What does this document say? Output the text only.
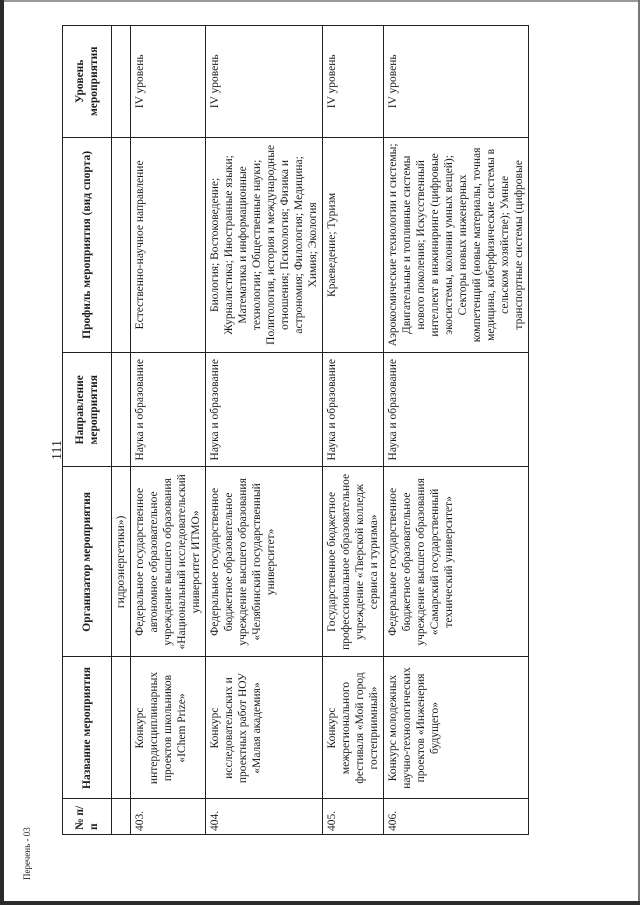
111
Перечень - 03
№ п/п	Название мероприятия	Организатор мероприятия	Направление мероприятия	Профиль мероприятия (вид спорта)	Уровень мероприятия
		гидроэнергетики»)			
403.	Конкурс интердисциплинарных проектов школьников «IChem Prize»	Федеральное государственное автономное образовательное учреждение высшего образования «Национальный исследовательский университет ИТМО»	Наука и образование	Естественно-научное направление	IV уровень
404.	Конкурс исследовательских и проектных работ НОУ «Малая академия»	Федеральное государственное бюджетное образовательное учреждение высшего образования «Челябинский государственный университет»	Наука и образование	Биология; Востоковедение; Журналистика; Иностранные языки; Математика и информационные технологии; Общественные науки; Политология, история и международные отношения; Психология; Физика и астрономия; Филология; Медицина; Химия; Экология	IV уровень
405.	Конкурс межрегионального фестиваля «Мой город гостеприимный»	Государственное бюджетное профессиональное образовательное учреждение «Тверской колледж сервиса и туризма»	Наука и образование	Краеведение; Туризм	IV уровень
406.	Конкурс молодежных научно-технологических проектов «Инженерия будущего»	Федеральное государственное бюджетное образовательное учреждение высшего образования «Самарский государственный технический университет»	Наука и образование	Аэрокосмические технологии и системы; Двигательные и топливные системы нового поколения; Искусственный интеллект в инжиниринге (цифровые экосистемы, колонии умных вещей); Секторы новых инженерных компетенций (новые материалы, точная медицина, киберфизические системы в сельском хозяйстве); Умные транспортные системы (цифровые	IV уровень
